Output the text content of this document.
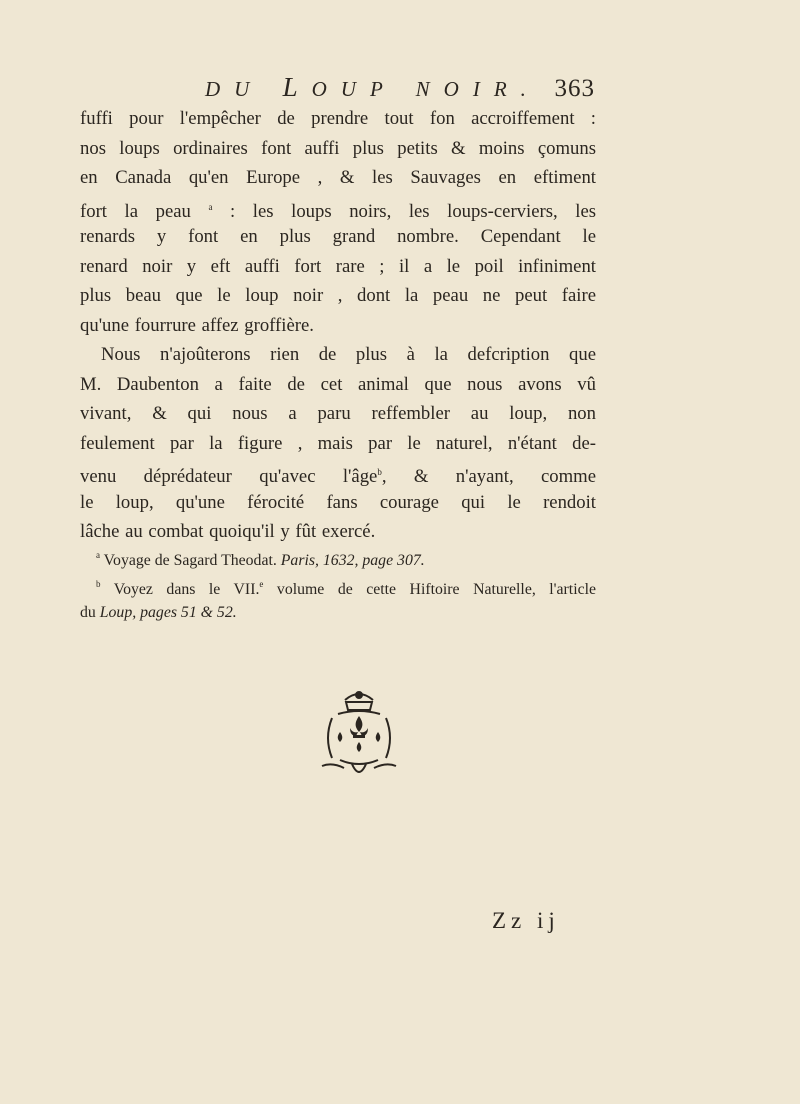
DU LOUP NOIR. 363
fuffi pour l'empêcher de prendre tout fon accroiffement :
nos loups ordinaires font auffi plus petits & moins çomuns
en Canada qu'en Europe , & les Sauvages en eftiment
fort la peau $^a$ : les loups noirs, les loups-cerviers, les
renards y font en plus grand nombre. Cependant le
renard noir y eft auffi fort rare ; il a le poil infiniment
plus beau que le loup noir , dont la peau ne peut faire
qu'une fourrure affez groffière.
Nous n'ajoûterons rien de plus à la defcription que
M. Daubenton a faite de cet animal que nous avons vû
vivant, & qui nous a paru reffembler au loup, non
feulement par la figure , mais par le naturel, n'étant de-
venu déprédateur qu'avec l'âge$^b$, & n'ayant, comme
le loup, qu'une férocité fans courage qui le rendoit
lâche au combat quoiqu'il y fût exercé.
$^a$ Voyage de Sagard Theodat. Paris, 1632, page 307.
$^b$ Voyez dans le VII.$^e$ volume de cette Hiftoire Naturelle, l'article
du Loup, pages 51 & 52.
Zz ij
